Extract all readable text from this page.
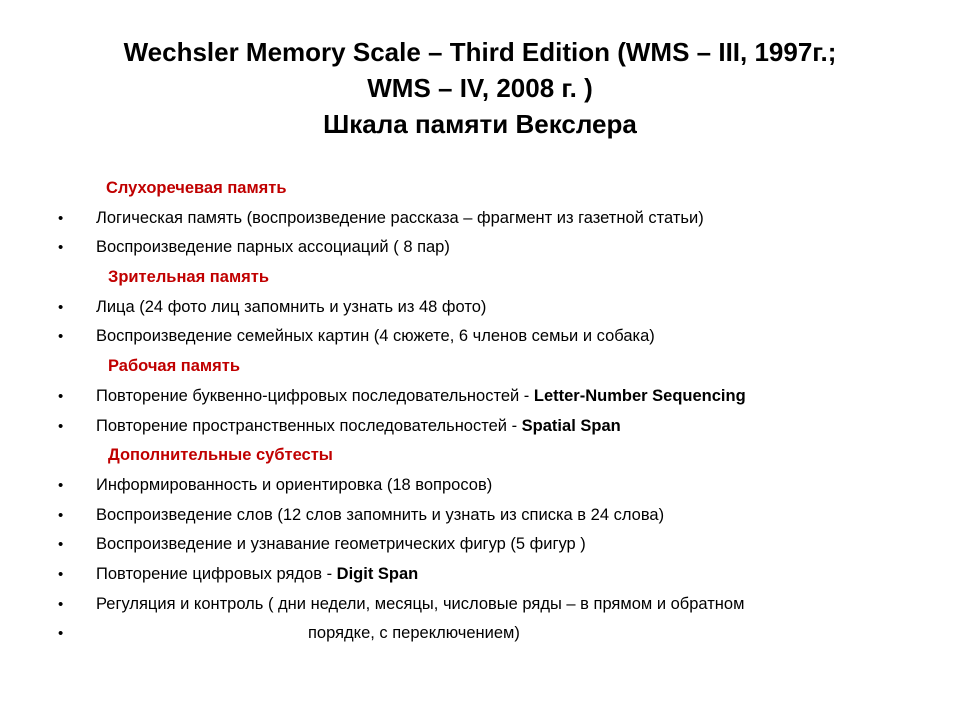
Wechsler Memory Scale – Third Edition (WMS – III, 1997г.;
WMS – IV, 2008 г. )
Шкала памяти Векслера
Слухоречевая память
• Логическая память (воспроизведение рассказа – фрагмент из газетной статьи)
• Воспроизведение парных ассоциаций ( 8 пар)
Зрительная память
• Лица (24 фото лиц запомнить и узнать из 48 фото)
• Воспроизведение семейных картин (4 сюжете, 6 членов семьи и собака)
Рабочая память
• Повторение буквенно-цифровых последовательностей - Letter-Number Sequencing
• Повторение пространственных последовательностей - Spatial Span
Дополнительные субтесты
• Информированность и ориентировка (18 вопросов)
• Воспроизведение слов (12 слов запомнить и узнать из списка в 24 слова)
• Воспроизведение и узнавание геометрических фигур (5 фигур )
• Повторение цифровых рядов - Digit Span
• Регуляция и контроль ( дни недели, месяцы, числовые ряды – в прямом и обратном
•	порядке, с переключением)
